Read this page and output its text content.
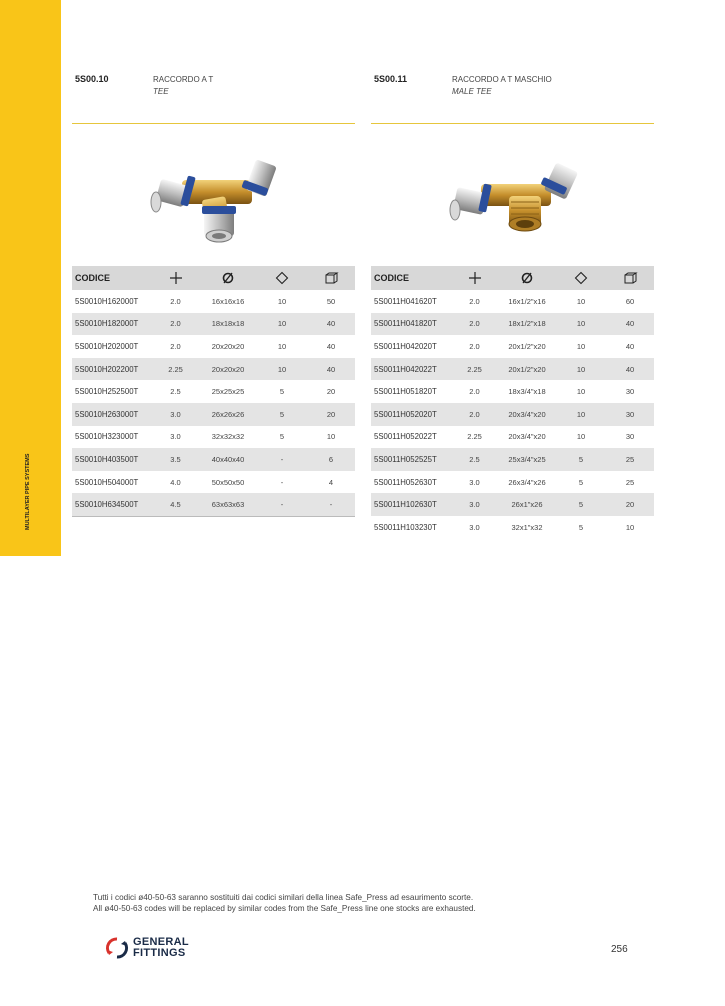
MULTILAYER PIPE SYSTEMS
5S00.10	RACCORDO A T
TEE
CODICE				
5S0010H162000T	2.0	16x16x16	10	50
5S0010H182000T	2.0	18x18x18	10	40
5S0010H202000T	2.0	20x20x20	10	40
5S0010H202200T	2.25	20x20x20	10	40
5S0010H252500T	2.5	25x25x25	5	20
5S0010H263000T	3.0	26x26x26	5	20
5S0010H323000T	3.0	32x32x32	5	10
5S0010H403500T	3.5	40x40x40	-	6
5S0010H504000T	4.0	50x50x50	-	4
5S0010H634500T	4.5	63x63x63	-	-
5S00.11	RACCORDO A T MASCHIO
MALE TEE
CODICE				
5S0011H041620T	2.0	16x1/2"x16	10	60
5S0011H041820T	2.0	18x1/2"x18	10	40
5S0011H042020T	2.0	20x1/2"x20	10	40
5S0011H042022T	2.25	20x1/2"x20	10	40
5S0011H051820T	2.0	18x3/4"x18	10	30
5S0011H052020T	2.0	20x3/4"x20	10	30
5S0011H052022T	2.25	20x3/4"x20	10	30
5S0011H052525T	2.5	25x3/4"x25	5	25
5S0011H052630T	3.0	26x3/4"x26	5	25
5S0011H102630T	3.0	26x1"x26	5	20
5S0011H103230T	3.0	32x1"x32	5	10
Tutti i codici ø40-50-63 saranno sostituiti dai codici similari della linea Safe_Press ad esaurimento scorte.
All ø40-50-63 codes will be replaced by similar codes from the Safe_Press line one stocks are exhausted.
GENERAL
FITTINGS	256
